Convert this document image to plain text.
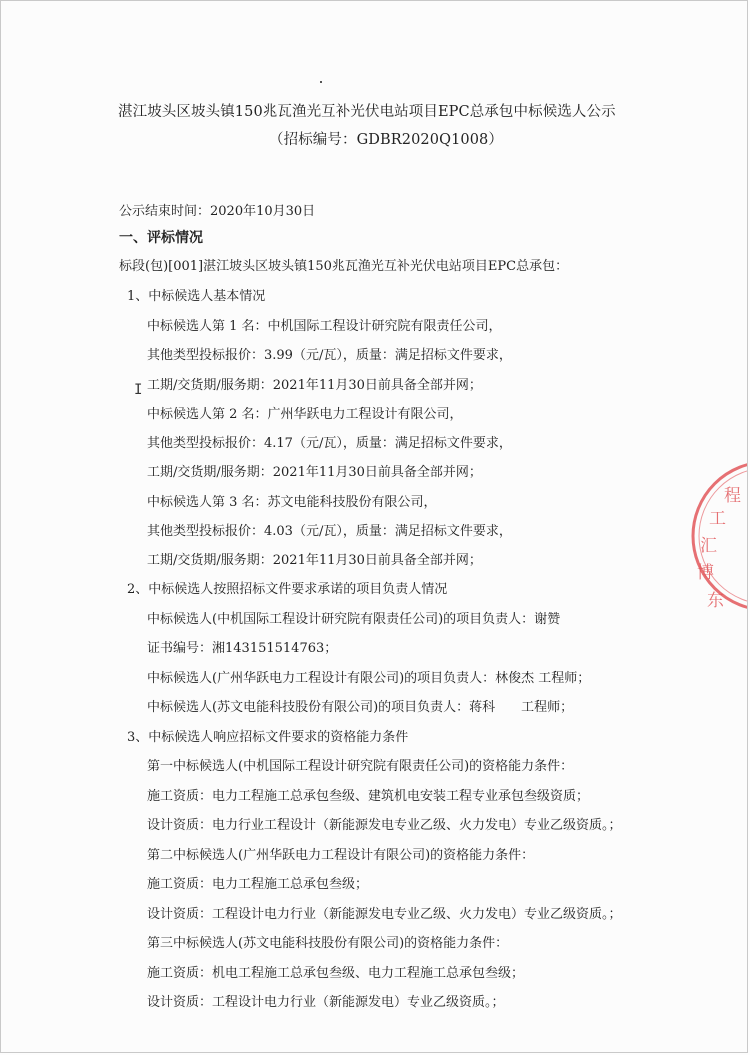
湛江坡头区坡头镇150兆瓦渔光互补光伏电站项目EPC总承包中标候选人公示
（招标编号：GDBR2020Q1008）
公示结束时间：2020年10月30日
一、评标情况
标段(包)[001]湛江坡头区坡头镇150兆瓦渔光互补光伏电站项目EPC总承包：
1、中标候选人基本情况
中标候选人第 1 名：中机国际工程设计研究院有限责任公司，
其他类型投标报价：3.99（元/瓦），质量：满足招标文件要求，
I 工期/交货期/服务期：2021年11月30日前具备全部并网；
中标候选人第 2 名：广州华跃电力工程设计有限公司，
其他类型投标报价：4.17（元/瓦），质量：满足招标文件要求，
工期/交货期/服务期：2021年11月30日前具备全部并网；
中标候选人第 3 名：苏文电能科技股份有限公司，
其他类型投标报价：4.03（元/瓦），质量：满足招标文件要求，
工期/交货期/服务期：2021年11月30日前具备全部并网；
2、中标候选人按照招标文件要求承诺的项目负责人情况
中标候选人(中机国际工程设计研究院有限责任公司)的项目负责人：谢赞
证书编号：湘143151514763；
中标候选人(广州华跃电力工程设计有限公司)的项目负责人：林俊杰 工程师；
中标候选人(苏文电能科技股份有限公司)的项目负责人：蒋科　　工程师；
3、中标候选人响应招标文件要求的资格能力条件
第一中标候选人(中机国际工程设计研究院有限责任公司)的资格能力条件：
施工资质：电力工程施工总承包叁级、建筑机电安装工程专业承包叁级资质；
设计资质：电力行业工程设计（新能源发电专业乙级、火力发电）专业乙级资质。；
第二中标候选人(广州华跃电力工程设计有限公司)的资格能力条件：
施工资质：电力工程施工总承包叁级；
设计资质：工程设计电力行业（新能源发电专业乙级、火力发电）专业乙级资质。；
第三中标候选人(苏文电能科技股份有限公司)的资格能力条件：
施工资质：机电工程施工总承包叁级、电力工程施工总承包叁级；
设计资质：工程设计电力行业（新能源发电）专业乙级资质。；
东 博 汇 工 程
